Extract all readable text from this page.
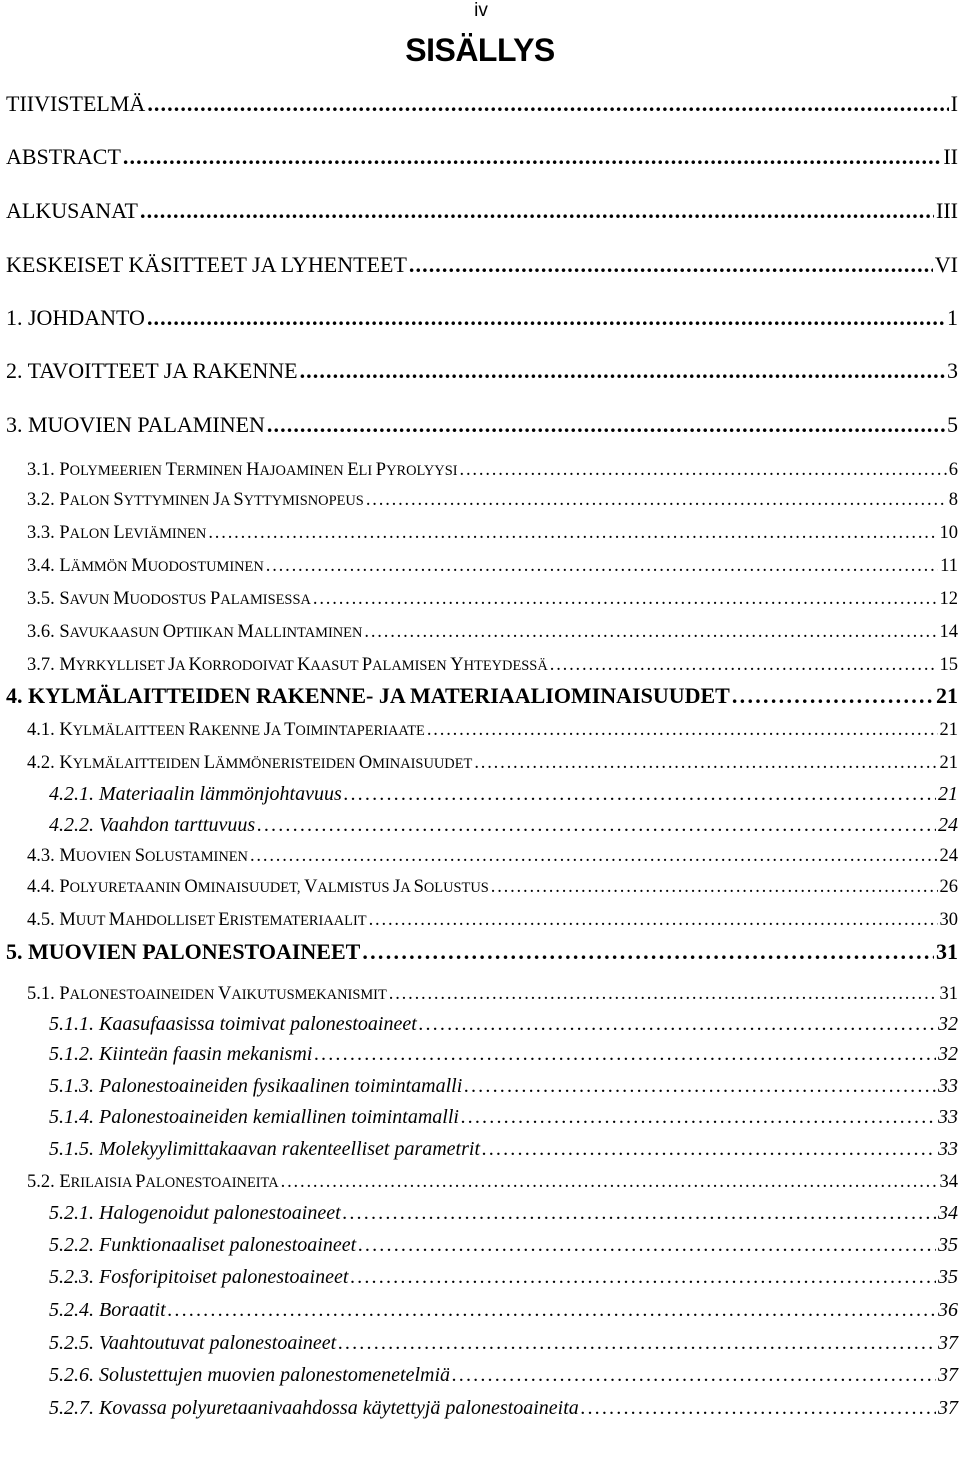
iv
SISÄLLYS
TIIVISTELMÄ . . .	I
ABSTRACT . . .	II
ALKUSANAT . . .	III
KESKEISET KÄSITTEET JA LYHENTEET . . .	VI
1. JOHDANTO . . .	1
2. TAVOITTEET JA RAKENNE . . .	3
3. MUOVIEN PALAMINEN . . .	5
3.1. POLYMEERIEN TERMINEN HAJOAMINEN ELI PYROLYYSI . . .	6
3.2. PALON SYTTYMINEN JA SYTTYMISNOPEUS . . .	8
3.3. PALON LEVIÄMINEN . . .	10
3.4. LÄMMÖN MUODOSTUMINEN . . .	11
3.5. SAVUN MUODOSTUS PALAMISESSA . . .	12
3.6. SAVUKAASUN OPTIIKAN MALLINTAMINEN . . .	14
3.7. MYRKYLLISET JA KORRODOIVAT KAASUT PALAMISEN YHTEYDESSÄ . . .	15
4. KYLMÄLAITTEIDEN RAKENNE- JA MATERIAALIOMINAISUUDET . . .	21
4.1. KYLMÄLAITTEEN RAKENNE JA TOIMINTAPERIAATE . . .	21
4.2. KYLMÄLAITTEIDEN LÄMMÖNERISTEIDEN OMINAISUUDET . . .	21
4.2.1. Materiaalin lämmönjohtavuus . . .	21
4.2.2. Vaahdon tarttuvuus . . .	24
4.3. MUOVIEN SOLUSTAMINEN . . .	24
4.4. POLYURETAANIN OMINAISUUDET, VALMISTUS JA SOLUSTUS . . .	26
4.5. MUUT MAHDOLLISET ERISTEMATERIAALIT . . .	30
5. MUOVIEN PALONESTOAINEET . . .	31
5.1. PALONESTOAINEIDEN VAIKUTUSMEKANISMIT . . .	31
5.1.1. Kaasufaasissa toimivat palonestoaineet . . .	32
5.1.2. Kiinteän faasin mekanismi . . .	32
5.1.3. Palonestoaineiden fysikaalinen toimintamalli . . .	33
5.1.4. Palonestoaineiden kemiallinen toimintamalli . . .	33
5.1.5. Molekyylimittakaavan rakenteelliset parametrit . . .	33
5.2. ERILAISIA PALONESTOAINEITA . . .	34
5.2.1. Halogenoidut palonestoaineet . . .	34
5.2.2. Funktionaaliset palonestoaineet . . .	35
5.2.3. Fosforipitoiset palonestoaineet . . .	35
5.2.4. Boraatit . . .	36
5.2.5. Vaahtoutuvat palonestoaineet . . .	37
5.2.6. Solustettujen muovien palonestomenetelmiä . . .	37
5.2.7. Kovassa polyuretaanivaahdossa käytettyjä palonestoaineita . . .	37
